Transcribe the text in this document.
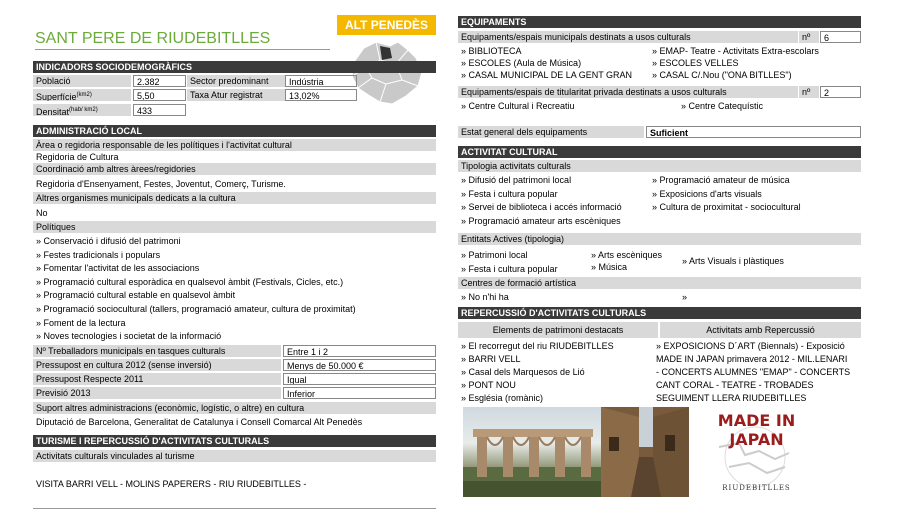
SANT PERE DE RIUDEBITLLES
ALT PENEDÈS
INDICADORS SOCIODEMOGRÀFICS
Població	2.382
Superfície$^{(km2)}$	5,50
Densitat$^{(hab/ km2)}$	433
Sector predominant	Indústria
Taxa Atur registrat	13,02%
ADMINISTRACIÓ LOCAL
Àrea o regidoria responsable de les polítiques i l'activitat cultural
Regidoria de Cultura
Coordinació amb altres àrees/regidories
Regidoria d'Ensenyament, Festes, Joventut, Comerç, Turisme.
Altres organismes municipals dedicats a la cultura
No
Polítiques
» Conservació i difusió del patrimoni
» Festes tradicionals i populars
» Fomentar l'activitat de les associacions
» Programació cultural esporàdica en qualsevol àmbit (Festivals, Cicles, etc.)
» Programació cultural estable en qualsevol àmbit
» Programació sociocultural (tallers, programació amateur, cultura de proximitat)
» Foment de la lectura
» Noves tecnologies i societat de la informació
Nº Treballadors municipals en tasques culturals	Entre 1 i 2
Pressupost en cultura 2012 (sense inversió)	Menys de 50.000 €
Pressupost Respecte 2011	Igual
Previsió 2013	Inferior
Suport altres administracions (econòmic, logístic, o altre) en cultura
Diputació de Barcelona, Generalitat de Catalunya i Consell Comarcal Alt Penedès
TURISME I REPERCUSSIÓ D'ACTIVITATS CULTURALS
Activitats culturals vinculades al turisme
VISITA BARRI VELL - MOLINS PAPERERS - RIU RIUDEBITLLES -
EQUIPAMENTS
Equipaments/espais municipals destinats a usos culturals	nº	6
» BIBLIOTECA
» ESCOLES (Aula de Música)
» CASAL MUNICIPAL DE LA GENT GRAN
» EMAP- Teatre - Activitats Extra-escolars
» ESCOLES VELLES
» CASAL C/.Nou ("ONA BITLLES")
Equipaments/espais de titularitat privada destinats a usos culturals	nº	2
» Centre Cultural i Recreatiu
»	Centre Catequístic
Estat general dels equipaments	Suficient
ACTIVITAT CULTURAL
Tipologia activitats culturals
» Difusió del patrimoni local
» Festa i cultura popular
» Servei de biblioteca i accés informació
» Programació amateur arts escèniques
» Programació amateur de música
» Exposicions d'arts visuals
» Cultura de proximitat - sociocultural
Entitats Actives (tipologia)
» Patrimoni local
» Festa i cultura popular
» Arts escèniques
» Música
» Arts Visuals i plàstiques
Centres de formació artística
» No n'hi ha	»
REPERCUSSIÓ D'ACTIVITATS CULTURALS
Elements de patrimoni destacats	Activitats amb Repercussió
» El recorregut del riu RIUDEBITLLES
» BARRI VELL
» Casal dels Marquesos de Lió
» PONT NOU
» Església (romànic)
» EXPOSICIONS D´ART (Biennals) - Exposició
MADE IN JAPAN primavera 2012 - MIL.LENARI
- CONCERTS ALUMNES "EMAP" - CONCERTS
CANT CORAL - TEATRE - TROBADES
SEGUIMENT LLERA RIUDEBITLLES
MADE IN JAPAN
RIUDEBITLLES
